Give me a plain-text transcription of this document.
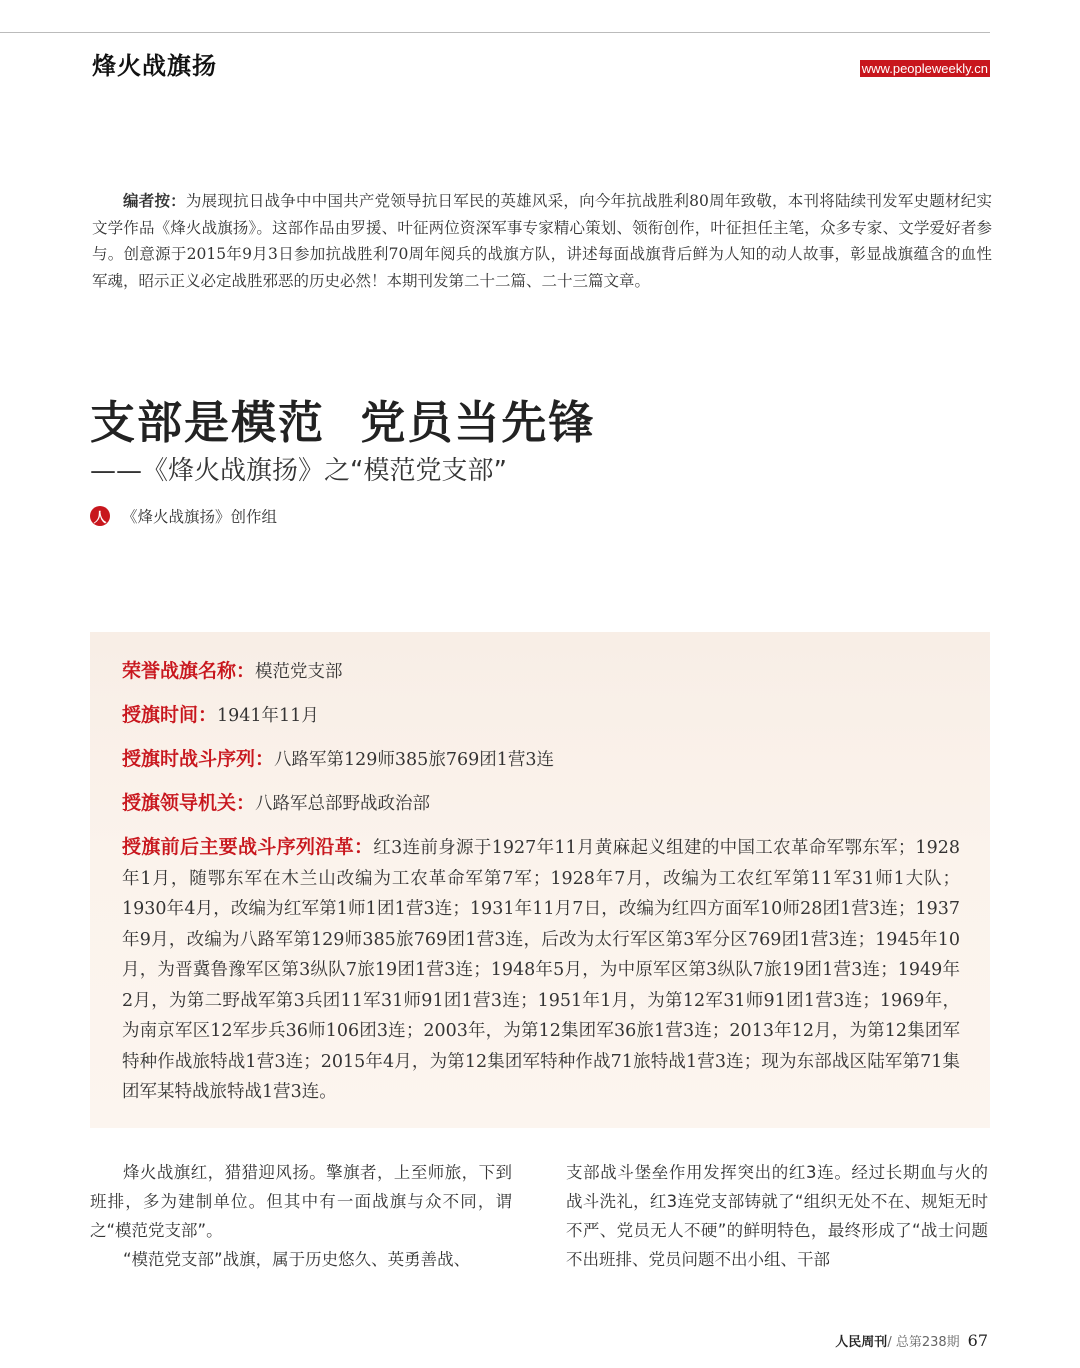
烽火战旗扬	www.peopleweekly.cn
编者按：为展现抗日战争中中国共产党领导抗日军民的英雄风采，向今年抗战胜利80周年致敬，本刊将陆续刊发军史题材纪实文学作品《烽火战旗扬》。这部作品由罗援、叶征两位资深军事专家精心策划、领衔创作，叶征担任主笔，众多专家、文学爱好者参与。创意源于2015年9月3日参加抗战胜利70周年阅兵的战旗方队，讲述每面战旗背后鲜为人知的动人故事，彰显战旗蕴含的血性军魂，昭示正义必定战胜邪恶的历史必然！本期刊发第二十二篇、二十三篇文章。
支部是模范  党员当先锋
——《烽火战旗扬》之“模范党支部”
人 《烽火战旗扬》创作组
荣誉战旗名称：模范党支部
授旗时间：1941年11月
授旗时战斗序列：八路军第129师385旅769团1营3连
授旗领导机关：八路军总部野战政治部
授旗前后主要战斗序列沿革：红3连前身源于1927年11月黄麻起义组建的中国工农革命军鄂东军；1928年1月，随鄂东军在木兰山改编为工农革命军第7军；1928年7月，改编为工农红军第11军31师1大队；1930年4月，改编为红军第1师1团1营3连；1931年11月7日，改编为红四方面军10师28团1营3连；1937年9月，改编为八路军第129师385旅769团1营3连，后改为太行军区第3军分区769团1营3连；1945年10月，为晋冀鲁豫军区第3纵队7旅19团1营3连；1948年5月，为中原军区第3纵队7旅19团1营3连；1949年2月，为第二野战军第3兵团11军31师91团1营3连；1951年1月，为第12军31师91团1营3连；1969年，为南京军区12军步兵36师106团3连；2003年，为第12集团军36旅1营3连；2013年12月，为第12集团军特种作战旅特战1营3连；2015年4月，为第12集团军特种作战71旅特战1营3连；现为东部战区陆军第71集团军某特战旅特战1营3连。

烽火战旗红，猎猎迎风扬。擎旗者，上至师旅，下到班排，多为建制单位。但其中有一面战旗与众不同，谓之“模范党支部”。

“模范党支部”战旗，属于历史悠久、英勇善战、

支部战斗堡垒作用发挥突出的红3连。经过长期血与火的战斗洗礼，红3连党支部铸就了“组织无处不在、规矩无时不严、党员无人不硬”的鲜明特色，最终形成了“战士问题不出班排、党员问题不出小组、干部

人民周刊 / 总第238期 67
